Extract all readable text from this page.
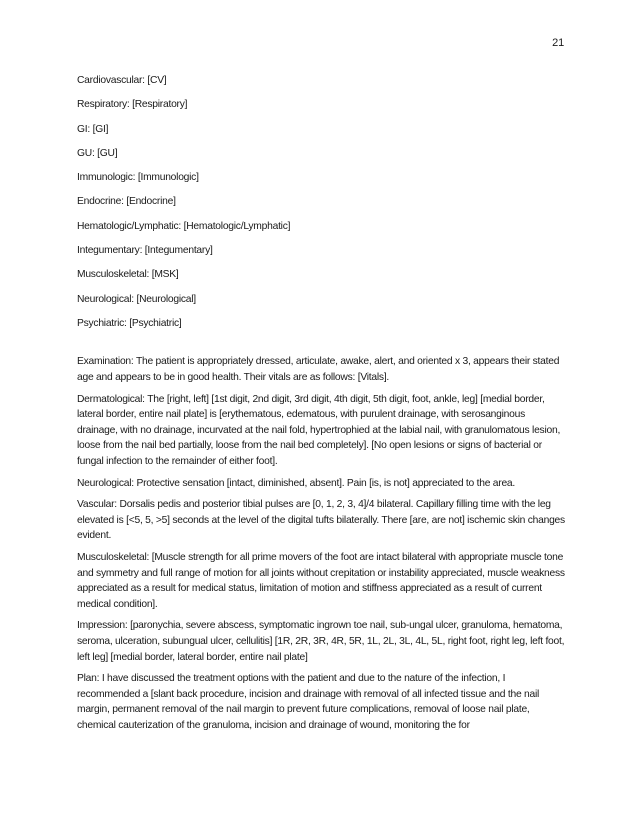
21
Cardiovascular: [CV]
Respiratory: [Respiratory]
GI: [GI]
GU: [GU]
Immunologic: [Immunologic]
Endocrine: [Endocrine]
Hematologic/Lymphatic: [Hematologic/Lymphatic]
Integumentary: [Integumentary]
Musculoskeletal: [MSK]
Neurological: [Neurological]
Psychiatric: [Psychiatric]

Examination: The patient is appropriately dressed, articulate, awake, alert, and oriented x 3, appears their stated age and appears to be in good health. Their vitals are as follows: [Vitals].

Dermatological: The [right, left] [1st digit, 2nd digit, 3rd digit, 4th digit, 5th digit, foot, ankle, leg] [medial border, lateral border, entire nail plate] is [erythematous, edematous, with purulent drainage, with serosanginous drainage, with no drainage, incurvated at the nail fold, hypertrophied at the labial nail, with granulomatous lesion, loose from the nail bed partially, loose from the nail bed completely]. [No open lesions or signs of bacterial or fungal infection to the remainder of either foot].

Neurological: Protective sensation [intact, diminished, absent]. Pain [is, is not] appreciated to the area.

Vascular: Dorsalis pedis and posterior tibial pulses are [0, 1, 2, 3, 4]/4 bilateral. Capillary filling time with the leg elevated is [<5, 5, >5] seconds at the level of the digital tufts bilaterally. There [are, are not] ischemic skin changes evident.

Musculoskeletal: [Muscle strength for all prime movers of the foot are intact bilateral with appropriate muscle tone and symmetry and full range of motion for all joints without crepitation or instability appreciated, muscle weakness appreciated as a result for medical status, limitation of motion and stiffness appreciated as a result of current medical condition].

Impression: [paronychia, severe abscess, symptomatic ingrown toe nail, sub-ungal ulcer, granuloma, hematoma, seroma, ulceration, subungual ulcer, cellulitis] [1R, 2R, 3R, 4R, 5R, 1L, 2L, 3L, 4L, 5L, right foot, right leg, left foot, left leg] [medial border, lateral border, entire nail plate]

Plan: I have discussed the treatment options with the patient and due to the nature of the infection, I recommended a [slant back procedure, incision and drainage with removal of all infected tissue and the nail margin, permanent removal of the nail margin to prevent future complications, removal of loose nail plate, chemical cauterization of the granuloma, incision and drainage of wound, monitoring the for
